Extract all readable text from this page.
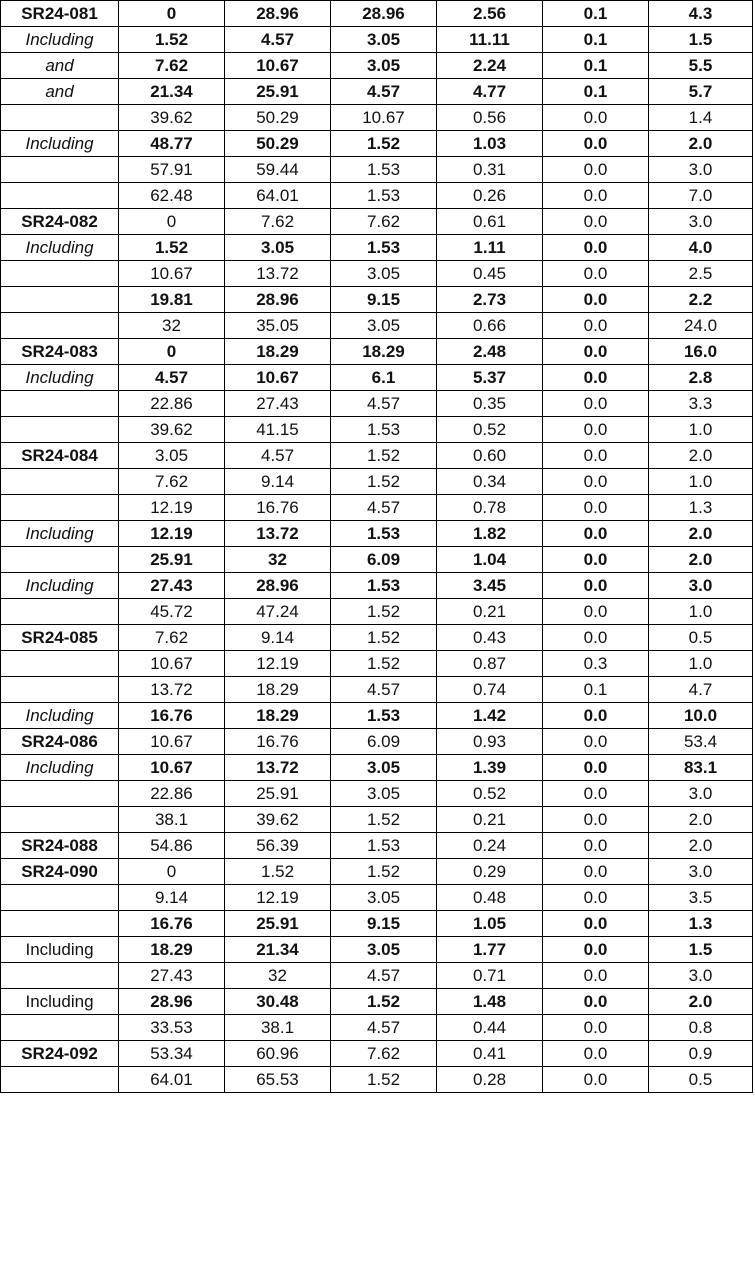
SR24-081	0	28.96	28.96	2.56	0.1	4.3
Including	1.52	4.57	3.05	11.11	0.1	1.5
and	7.62	10.67	3.05	2.24	0.1	5.5
and	21.34	25.91	4.57	4.77	0.1	5.7
	39.62	50.29	10.67	0.56	0.0	1.4
Including	48.77	50.29	1.52	1.03	0.0	2.0
	57.91	59.44	1.53	0.31	0.0	3.0
	62.48	64.01	1.53	0.26	0.0	7.0
SR24-082	0	7.62	7.62	0.61	0.0	3.0
Including	1.52	3.05	1.53	1.11	0.0	4.0
	10.67	13.72	3.05	0.45	0.0	2.5
	19.81	28.96	9.15	2.73	0.0	2.2
	32	35.05	3.05	0.66	0.0	24.0
SR24-083	0	18.29	18.29	2.48	0.0	16.0
Including	4.57	10.67	6.1	5.37	0.0	2.8
	22.86	27.43	4.57	0.35	0.0	3.3
	39.62	41.15	1.53	0.52	0.0	1.0
SR24-084	3.05	4.57	1.52	0.60	0.0	2.0
	7.62	9.14	1.52	0.34	0.0	1.0
	12.19	16.76	4.57	0.78	0.0	1.3
Including	12.19	13.72	1.53	1.82	0.0	2.0
	25.91	32	6.09	1.04	0.0	2.0
Including	27.43	28.96	1.53	3.45	0.0	3.0
	45.72	47.24	1.52	0.21	0.0	1.0
SR24-085	7.62	9.14	1.52	0.43	0.0	0.5
	10.67	12.19	1.52	0.87	0.3	1.0
	13.72	18.29	4.57	0.74	0.1	4.7
Including	16.76	18.29	1.53	1.42	0.0	10.0
SR24-086	10.67	16.76	6.09	0.93	0.0	53.4
Including	10.67	13.72	3.05	1.39	0.0	83.1
	22.86	25.91	3.05	0.52	0.0	3.0
	38.1	39.62	1.52	0.21	0.0	2.0
SR24-088	54.86	56.39	1.53	0.24	0.0	2.0
SR24-090	0	1.52	1.52	0.29	0.0	3.0
	9.14	12.19	3.05	0.48	0.0	3.5
	16.76	25.91	9.15	1.05	0.0	1.3
Including	18.29	21.34	3.05	1.77	0.0	1.5
	27.43	32	4.57	0.71	0.0	3.0
Including	28.96	30.48	1.52	1.48	0.0	2.0
	33.53	38.1	4.57	0.44	0.0	0.8
SR24-092	53.34	60.96	7.62	0.41	0.0	0.9
	64.01	65.53	1.52	0.28	0.0	0.5
